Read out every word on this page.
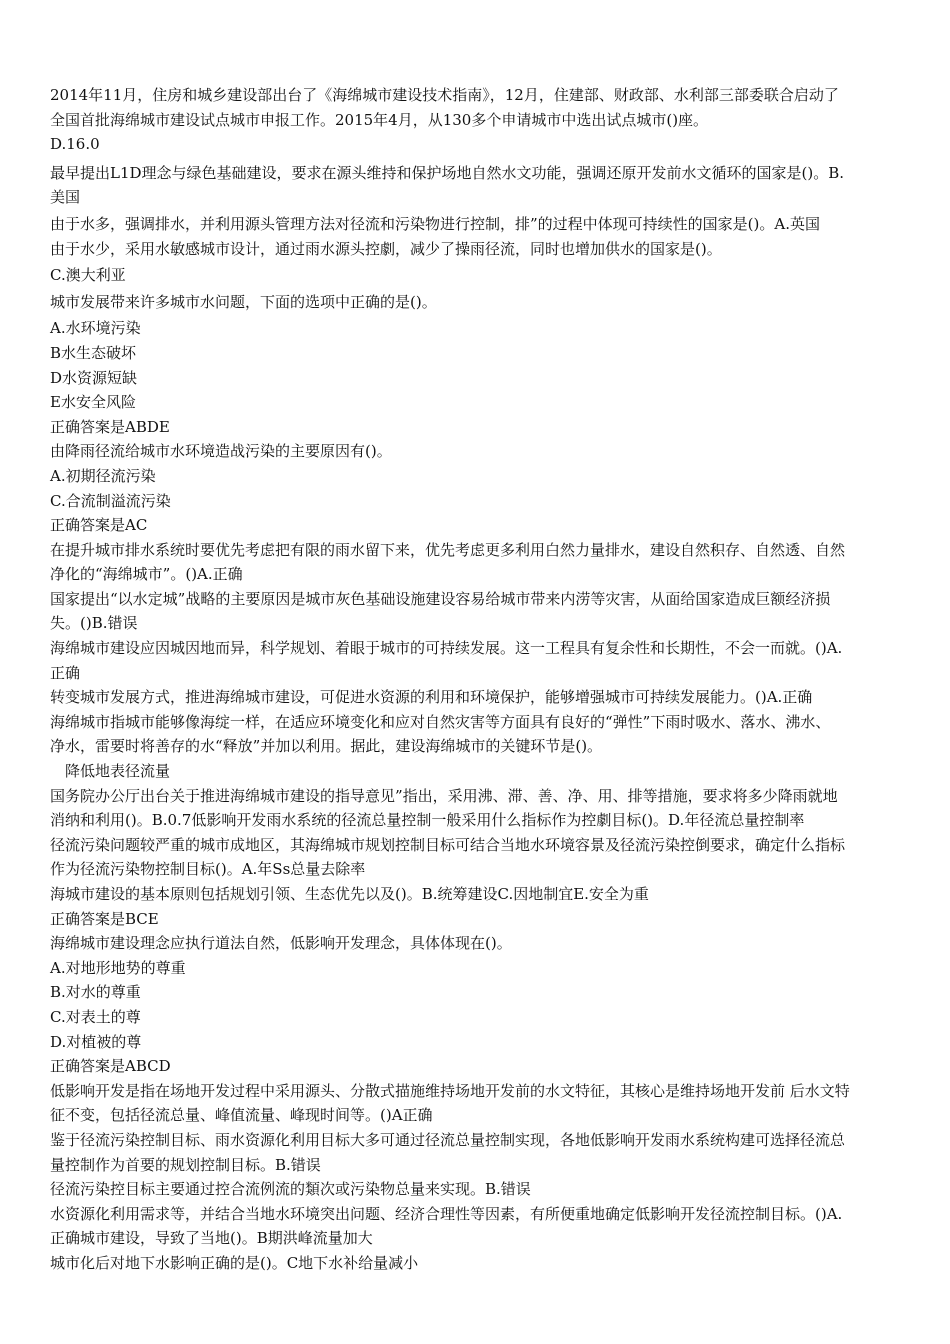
2014年11月，住房和城乡建设部出台了《海绵城市建设技术指南》，12月，住建部、财政部、水利部三部委联合启动了

全国首批海绵城市建设试点城市申报工作。2015年4月，从130多个申请城市中选出试点城市()座。

D.16.0

最早提出L1D理念与绿色基础建设，要求在源头维持和保护场地自然水文功能，强调还原开发前水文循环的国家是()。B.

美国

由于水多，强调排水，并利用源头管理方法对径流和污染物进行控制，排”的过程中体现可持续性的国家是()。A.英国

由于水少，采用水敏感城市设计，通过雨水源头控劇，减少了操雨径流，同时也增加供水的国家是()。

C.澳大利亚

城市发展带来许多城市水问题，下面的选项中正确的是()。

A.水环境污染

B水生态破坏

D水资源短缺

E水安全风险

正确答案是ABDE

由降雨径流给城市水环境造战污染的主要原因有()。

A.初期径流污染

C.合流制溢流污染

正确答案是AC

在提升城市排水系统时要优先考虑把有限的雨水留下来，优先考虑更多利用白然力量排水，建设自然积存、自然透、自然

净化的“海绵城市”。()A.正确

国家提出“以水定城”战略的主要原因是城市灰色基础设施建设容易给城市带来内涝等灾害，从面给国家造成巨额经济损

失。()B.错误

海绵城市建设应因城因地而异，科学规划、着眼于城市的可持续发展。这一工程具有复余性和长期性，不会一而就。()A.

正确

转变城市发展方式，推进海绵城市建设，可促进水资源的利用和环境保护，能够增强城市可持续发展能力。()A.正确

海绵城市指城市能够像海绽一样，在适应环境变化和应对自然灾害等方面具有良好的“弹性”下雨时吸水、落水、沸水、

净水，雷要时将善存的水“释放”并加以利用。据此，建设海绵城市的关键环节是()。

降低地表径流量

国务院办公厅出台关于推进海绵城市建设的指导意见”指出，采用沸、滞、善、净、用、排等措施，要求将多少降雨就地

消纳和利用()。B.0.7低影响开发雨水系统的径流总量控制一般采用什么指标作为控劇目标()。D.年径流总量控制率

径流污染问题较严重的城市成地区，其海绵城市规划控制目标可结合当地水环境容景及径流污染控倒要求，确定什么指标

作为径流污染物控制目标()。A.年Ss总量去除率

海城市建设的基本原则包括规划引领、生态优先以及()。B.统筹建设C.因地制宜E.安全为重

正确答案是BCE

海绵城市建设理念应执行道法自然，低影响开发理念，具体体现在()。

A.对地形地势的尊重

B.对水的尊重

C.对表土的尊

D.对植被的尊

正确答案是ABCD

低影响开发是指在场地开发过程中采用源头、分散式描施维持场地开发前的水文特征，其核心是维持场地开发前 后水文特

征不变，包括径流总量、峰值流量、峰现时间等。()A正确

鉴于径流污染控制目标、雨水资源化利用目标大多可通过径流总量控制实现，各地低影响开发雨水系统构建可选择径流总

量控制作为首要的规划控制目标。B.错误

径流污染控目标主要通过控合流例流的類次或污染物总量来实现。B.错误

水资源化利用需求等，并结合当地水环境突出问题、经济合理性等因素，有所便重地确定低影响开发径流控制目标。()A.

正确城市建设，导致了当地()。B期洪峰流量加大

城市化后对地下水影响正确的是()。C地下水补给量减小
